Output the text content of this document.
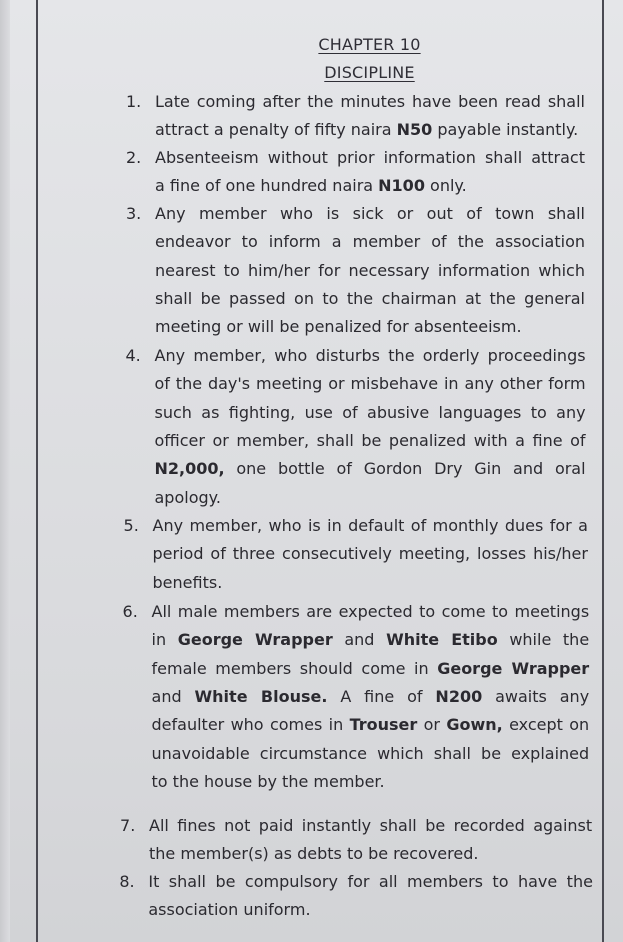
CHAPTER 10
DISCIPLINE
1. Late coming after the minutes have been read shall
attract a penalty of fifty naira N50 payable instantly.
2. Absenteeism without prior information shall attract
a fine of one hundred naira N100 only.
3. Any member who is sick or out of town shall
endeavor to inform a member of the association
nearest to him/her for necessary information which
shall be passed on to the chairman at the general
meeting or will be penalized for absenteeism.
4. Any member, who disturbs the orderly proceedings
of the day's meeting or misbehave in any other form
such as fighting, use of abusive languages to any
officer or member, shall be penalized with a fine of
N2,000, one bottle of Gordon Dry Gin and oral
apology.
5. Any member, who is in default of monthly dues for a
period of three consecutively meeting, losses his/her
benefits.
6. All male members are expected to come to meetings
in George Wrapper and White Etibo while the
female members should come in George Wrapper
and White Blouse. A fine of N200 awaits any
defaulter who comes in Trouser or Gown, except on
unavoidable circumstance which shall be explained
to the house by the member.
7. All fines not paid instantly shall be recorded against
the member(s) as debts to be recovered.
8. It shall be compulsory for all members to have the
association uniform.
